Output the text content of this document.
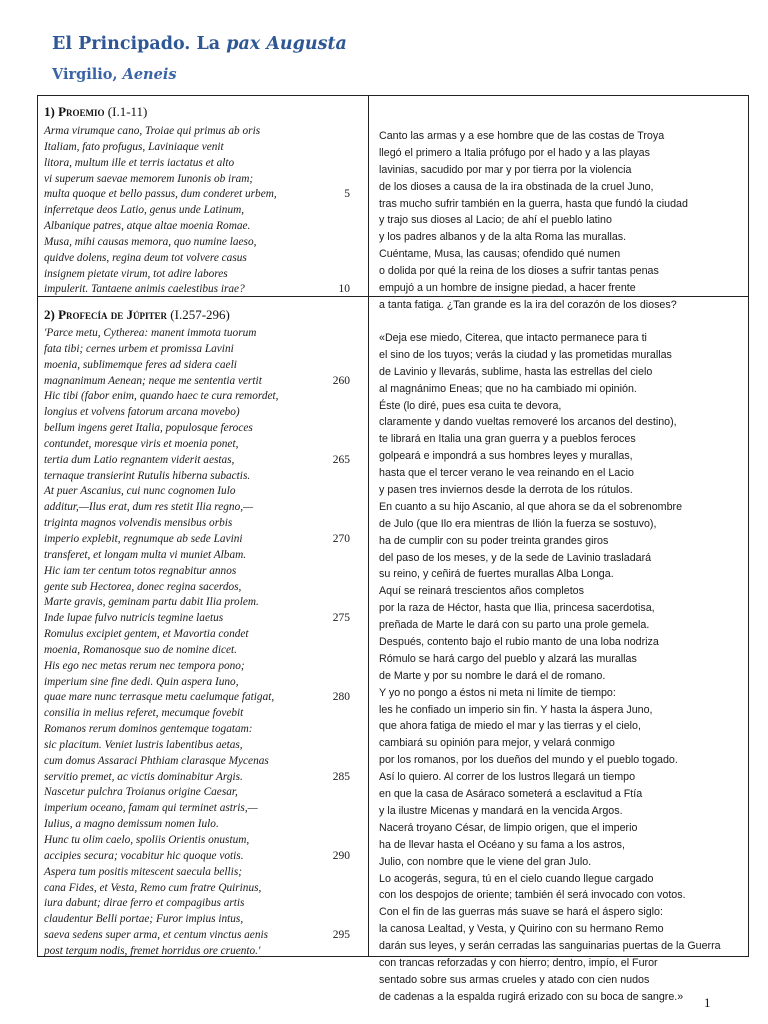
El Principado. La pax Augusta
Virgilio, Aeneis
1) Proemio (I.1-11)
Arma virumque cano, Troiae qui primus ab oris
Italiam, fato profugus, Laviniaque venit
litora, multum ille et terris iactatus et alto
vi superum saevae memorem Iunonis ob iram;
multa quoque et bello passus, dum conderet urbem,	5
inferretque deos Latio, genus unde Latinum,
Albanique patres, atque altae moenia Romae.
Musa, mihi causas memora, quo numine laeso,
quidve dolens, regina deum tot volvere casus
insignem pietate virum, tot adire labores
impulerit. Tantaene animis caelestibus irae?	10
Canto las armas y a ese hombre que de las costas de Troya
llegó el primero a Italia prófugo por el hado y a las playas
lavinias, sacudido por mar y por tierra por la violencia
de los dioses a causa de la ira obstinada de la cruel Juno,
tras mucho sufrir también en la guerra, hasta que fundó la ciudad
y trajo sus dioses al Lacio; de ahí el pueblo latino
y los padres albanos y de la alta Roma las murallas.
Cuéntame, Musa, las causas; ofendido qué numen
o dolida por qué la reina de los dioses a sufrir tantas penas
empujó a un hombre de insigne piedad, a hacer frente
a tanta fatiga. ¿Tan grande es la ira del corazón de los dioses?
2) Profecía de Júpiter (I.257-296)
'Parce metu, Cytherea: manent immota tuorum
fata tibi; cernes urbem et promissa Lavini
moenia, sublimemque feres ad sidera caeli
magnanimum Aenean; neque me sententia vertit	260
Hic tibi (fabor enim, quando haec te cura remordet,
longius et volvens fatorum arcana movebo)
bellum ingens geret Italia, populosque feroces
contundet, moresque viris et moenia ponet,
tertia dum Latio regnantem viderit aestas,	265
ternaque transierint Rutulis hiberna subactis.
At puer Ascanius, cui nunc cognomen Iulo
additur,—Ilus erat, dum res stetit Ilia regno,—
triginta magnos volvendis mensibus orbis
imperio explebit, regnumque ab sede Lavini	270
transferet, et longam multa vi muniet Albam.
Hic iam ter centum totos regnabitur annos
gente sub Hectorea, donec regina sacerdos,
Marte gravis, geminam partu dabit Ilia prolem.
Inde lupae fulvo nutricis tegmine laetus	275
Romulus excipiet gentem, et Mavortia condet
moenia, Romanosque suo de nomine dicet.
His ego nec metas rerum nec tempora pono;
imperium sine fine dedi. Quin aspera Iuno,
quae mare nunc terrasque metu caelumque fatigat,	280
consilia in melius referet, mecumque fovebit
Romanos rerum dominos gentemque togatam:
sic placitum. Veniet lustris labentibus aetas,
cum domus Assaraci Phthiam clarasque Mycenas
servitio premet, ac victis dominabitur Argis.	285
Nascetur pulchra Troianus origine Caesar,
imperium oceano, famam qui terminet astris,—
Iulius, a magno demissum nomen Iulo.
Hunc tu olim caelo, spoliis Orientis onustum,
accipies secura; vocabitur hic quoque votis.	290
Aspera tum positis mitescent saecula bellis;
cana Fides, et Vesta, Remo cum fratre Quirinus,
iura dabunt; dirae ferro et compagibus artis
claudentur Belli portae; Furor impius intus,
saeva sedens super arma, et centum vinctus aenis	295
post tergum nodis, fremet horridus ore cruento.'
«Deja ese miedo, Citerea, que intacto permanece para ti
el sino de los tuyos; verás la ciudad y las prometidas murallas
de Lavinio y llevarás, sublime, hasta las estrellas del cielo
al magnánimo Eneas; que no ha cambiado mi opinión.
Éste (lo diré, pues esa cuita te devora,
claramente y dando vueltas removeré los arcanos del destino),
te librará en Italia una gran guerra y a pueblos feroces
golpeará e impondrá a sus hombres leyes y murallas,
hasta que el tercer verano le vea reinando en el Lacio
y pasen tres inviernos desde la derrota de los rútulos.
En cuanto a su hijo Ascanio, al que ahora se da el sobrenombre
de Julo (que Ilo era mientras de Ilión la fuerza se sostuvo),
ha de cumplir con su poder treinta grandes giros
del paso de los meses, y de la sede de Lavinio trasladará
su reino, y ceñirá de fuertes murallas Alba Longa.
Aquí se reinará trescientos años completos
por la raza de Héctor, hasta que Ilia, princesa sacerdotisa,
preñada de Marte le dará con su parto una prole gemela.
Después, contento bajo el rubio manto de una loba nodriza
Rómulo se hará cargo del pueblo y alzará las murallas
de Marte y por su nombre le dará el de romano.
Y yo no pongo a éstos ni meta ni límite de tiempo:
les he confiado un imperio sin fin. Y hasta la áspera Juno,
que ahora fatiga de miedo el mar y las tierras y el cielo,
cambiará su opinión para mejor, y velará conmigo
por los romanos, por los dueños del mundo y el pueblo togado.
Así lo quiero. Al correr de los lustros llegará un tiempo
en que la casa de Asáraco someterá a esclavitud a Ftía
y la ilustre Micenas y mandará en la vencida Argos.
Nacerá troyano César, de limpio origen, que el imperio
ha de llevar hasta el Océano y su fama a los astros,
Julio, con nombre que le viene del gran Julo.
Lo acogerás, segura, tú en el cielo cuando llegue cargado
con los despojos de oriente; también él será invocado con votos.
Con el fin de las guerras más suave se hará el áspero siglo:
la canosa Lealtad, y Vesta, y Quirino con su hermano Remo
darán sus leyes, y serán cerradas las sanguinarias puertas de la Guerra
con trancas reforzadas y con hierro; dentro, impío, el Furor
sentado sobre sus armas crueles y atado con cien nudos
de cadenas a la espalda rugirá erizado con su boca de sangre.»	1
